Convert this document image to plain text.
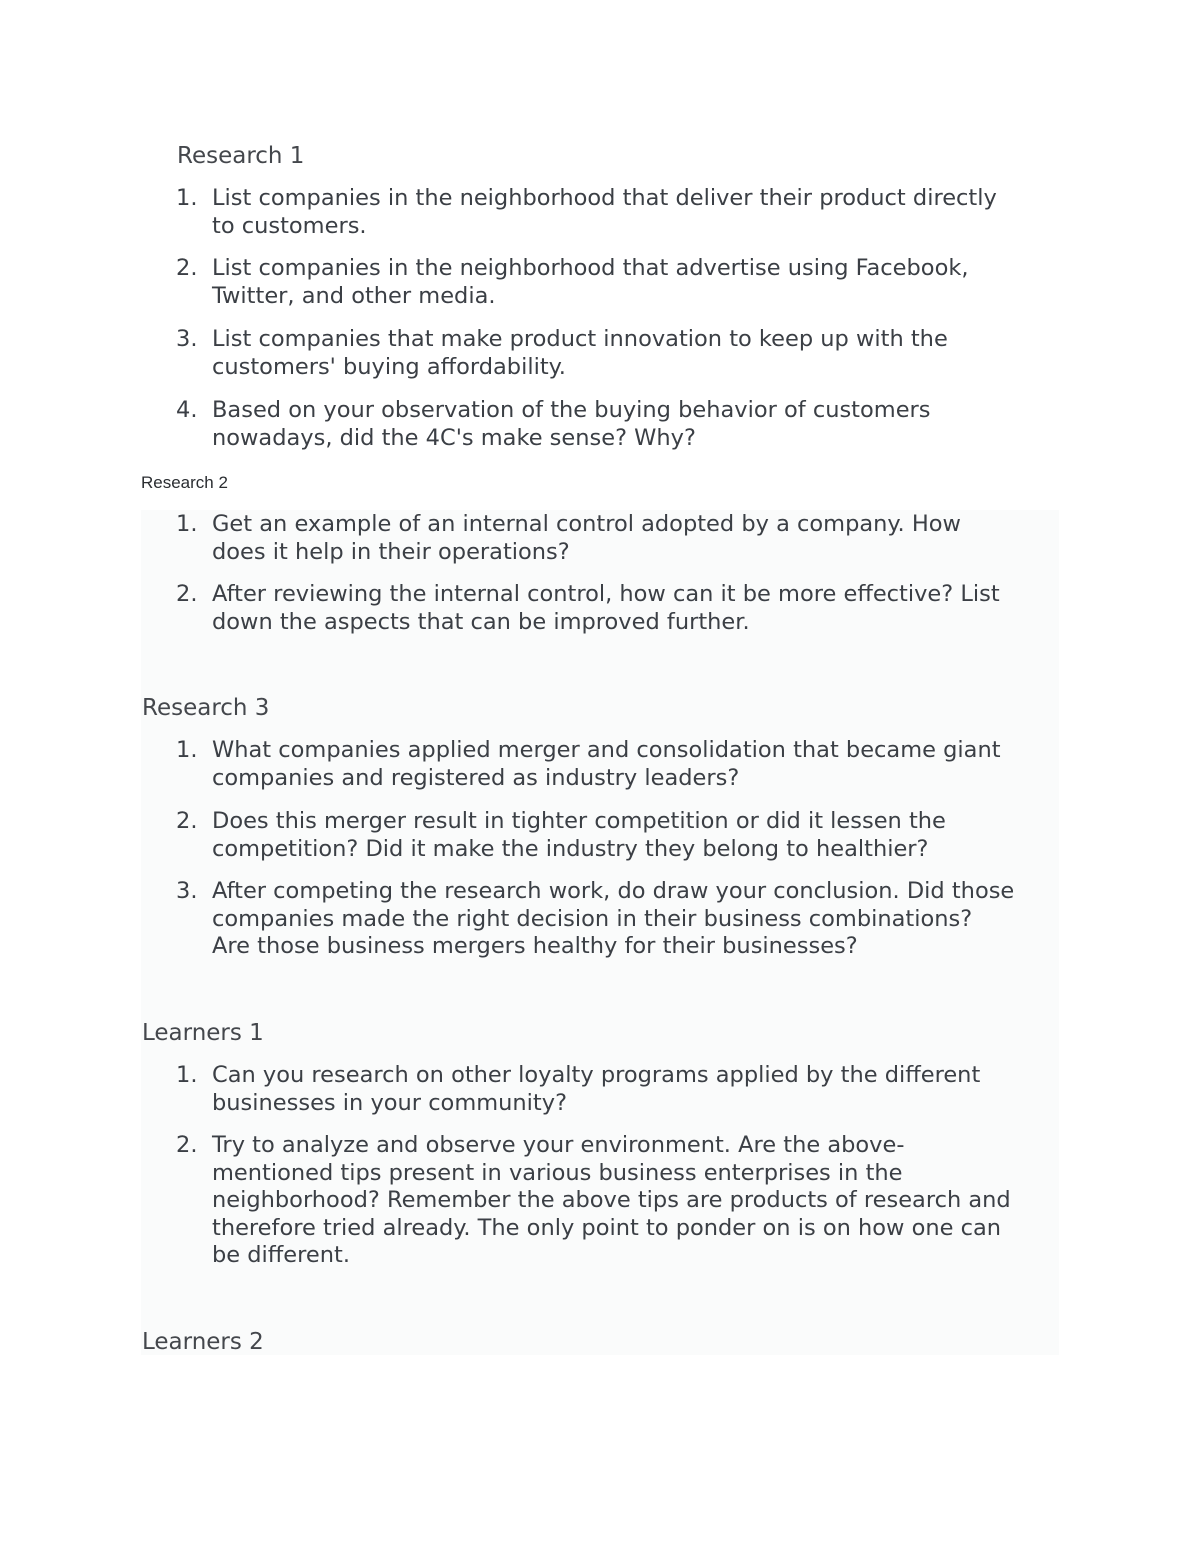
Research 1
1. List companies in the neighborhood that deliver their product directly
to customers.
2. List companies in the neighborhood that advertise using Facebook,
Twitter, and other media.
3. List companies that make product innovation to keep up with the
customers' buying affordability.
4. Based on your observation of the buying behavior of customers
nowadays, did the 4C's make sense? Why?
Research 2
1. Get an example of an internal control adopted by a company. How
does it help in their operations?
2. After reviewing the internal control, how can it be more effective? List
down the aspects that can be improved further.
Research 3
1. What companies applied merger and consolidation that became giant
companies and registered as industry leaders?
2. Does this merger result in tighter competition or did it lessen the
competition? Did it make the industry they belong to healthier?
3. After competing the research work, do draw your conclusion. Did those
companies made the right decision in their business combinations?
Are those business mergers healthy for their businesses?
Learners 1
1. Can you research on other loyalty programs applied by the different
businesses in your community?
2. Try to analyze and observe your environment. Are the above-
mentioned tips present in various business enterprises in the
neighborhood? Remember the above tips are products of research and
therefore tried already. The only point to ponder on is on how one can
be different.
Learners 2
